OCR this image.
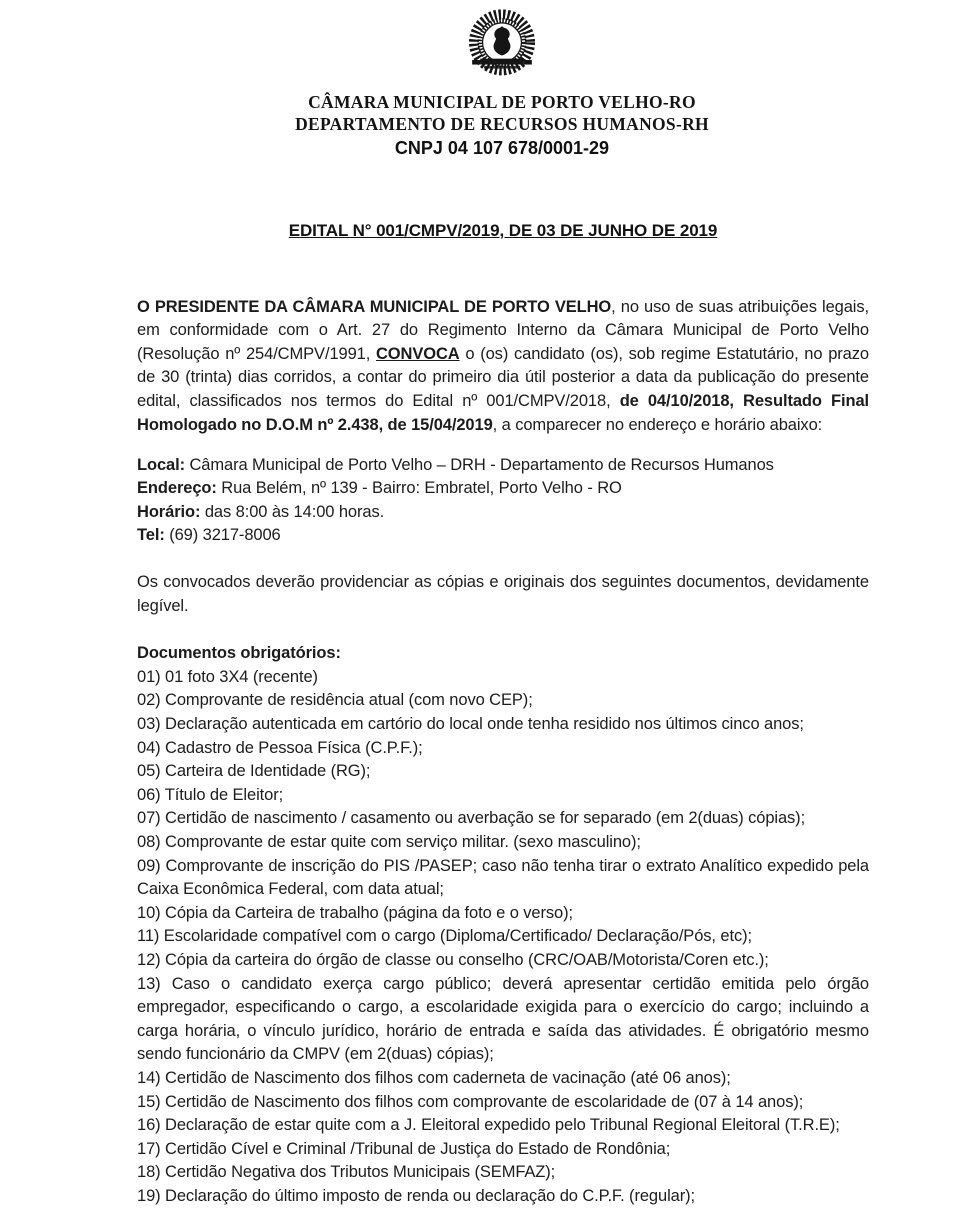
CÂMARA MUNICIPAL DE PORTO VELHO-RO
DEPARTAMENTO DE RECURSOS HUMANOS-RH
CNPJ 04 107 678/0001-29
EDITAL N° 001/CMPV/2019, DE 03 DE JUNHO DE 2019

O PRESIDENTE DA CÂMARA MUNICIPAL DE PORTO VELHO, no uso de suas atribuições legais, em conformidade com o Art. 27 do Regimento Interno da Câmara Municipal de Porto Velho (Resolução nº 254/CMPV/1991, CONVOCA o (os) candidato (os), sob regime Estatutário, no prazo de 30 (trinta) dias corridos, a contar do primeiro dia útil posterior a data da publicação do presente edital, classificados nos termos do Edital nº 001/CMPV/2018, de 04/10/2018, Resultado Final Homologado no D.O.M nº 2.438, de 15/04/2019, a comparecer no endereço e horário abaixo:

Local: Câmara Municipal de Porto Velho – DRH - Departamento de Recursos Humanos
Endereço: Rua Belém, nº 139 - Bairro: Embratel, Porto Velho - RO
Horário: das 8:00 às 14:00 horas.
Tel: (69) 3217-8006

Os convocados deverão providenciar as cópias e originais dos seguintes documentos, devidamente legível.

Documentos obrigatórios:
01) 01 foto 3X4 (recente)
02) Comprovante de residência atual (com novo CEP);
03) Declaração autenticada em cartório do local onde tenha residido nos últimos cinco anos;
04) Cadastro de Pessoa Física (C.P.F.);
05) Carteira de Identidade (RG);
06) Título de Eleitor;
07) Certidão de nascimento / casamento ou averbação se for separado (em 2(duas) cópias);
08) Comprovante de estar quite com serviço militar. (sexo masculino);
09) Comprovante de inscrição do PIS /PASEP; caso não tenha tirar o extrato Analítico expedido pela Caixa Econômica Federal, com data atual;
10) Cópia da Carteira de trabalho (página da foto e o verso);
11) Escolaridade compatível com o cargo (Diploma/Certificado/ Declaração/Pós, etc);
12) Cópia da carteira do órgão de classe ou conselho (CRC/OAB/Motorista/Coren etc.);
13) Caso o candidato exerça cargo público; deverá apresentar certidão emitida pelo órgão empregador, especificando o cargo, a escolaridade exigida para o exercício do cargo; incluindo a carga horária, o vínculo jurídico, horário de entrada e saída das atividades. É obrigatório mesmo sendo funcionário da CMPV (em 2(duas) cópias);
14) Certidão de Nascimento dos filhos com caderneta de vacinação (até 06 anos);
15) Certidão de Nascimento dos filhos com comprovante de escolaridade de (07 à 14 anos);
16) Declaração de estar quite com a J. Eleitoral expedido pelo Tribunal Regional Eleitoral (T.R.E);
17) Certidão Cível e Criminal /Tribunal de Justiça do Estado de Rondônia;
18) Certidão Negativa dos Tributos Municipais (SEMFAZ);
19) Declaração do último imposto de renda ou declaração do C.P.F. (regular);
